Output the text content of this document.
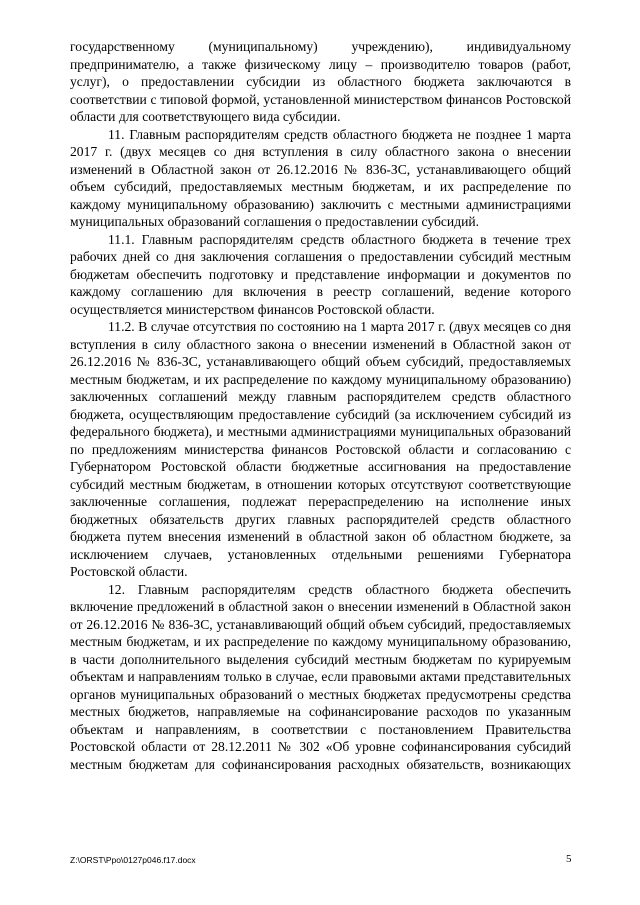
государственному (муниципальному) учреждению), индивидуальному предпринимателю, а также физическому лицу – производителю товаров (работ, услуг), о предоставлении субсидии из областного бюджета заключаются в соответствии с типовой формой, установленной министерством финансов Ростовской области для соответствующего вида субсидии.

11. Главным распорядителям средств областного бюджета не позднее 1 марта 2017 г. (двух месяцев со дня вступления в силу областного закона о внесении изменений в Областной закон от 26.12.2016 № 836-ЗС, устанавливающего общий объем субсидий, предоставляемых местным бюджетам, и их распределение по каждому муниципальному образованию) заключить с местными администрациями муниципальных образований соглашения о предоставлении субсидий.

11.1. Главным распорядителям средств областного бюджета в течение трех рабочих дней со дня заключения соглашения о предоставлении субсидий местным бюджетам обеспечить подготовку и представление информации и документов по каждому соглашению для включения в реестр соглашений, ведение которого осуществляется министерством финансов Ростовской области.

11.2. В случае отсутствия по состоянию на 1 марта 2017 г. (двух месяцев со дня вступления в силу областного закона о внесении изменений в Областной закон от 26.12.2016 № 836-ЗС, устанавливающего общий объем субсидий, предоставляемых местным бюджетам, и их распределение по каждому муниципальному образованию) заключенных соглашений между главным распорядителем средств областного бюджета, осуществляющим предоставление субсидий (за исключением субсидий из федерального бюджета), и местными администрациями муниципальных образований по предложениям министерства финансов Ростовской области и согласованию с Губернатором Ростовской области бюджетные ассигнования на предоставление субсидий местным бюджетам, в отношении которых отсутствуют соответствующие заключенные соглашения, подлежат перераспределению на исполнение иных бюджетных обязательств других главных распорядителей средств областного бюджета путем внесения изменений в областной закон об областном бюджете, за исключением случаев, установленных отдельными решениями Губернатора Ростовской области.

12. Главным распорядителям средств областного бюджета обеспечить включение предложений в областной закон о внесении изменений в Областной закон от 26.12.2016 № 836-ЗС, устанавливающий общий объем субсидий, предоставляемых местным бюджетам, и их распределение по каждому муниципальному образованию, в части дополнительного выделения субсидий местным бюджетам по курируемым объектам и направлениям только в случае, если правовыми актами представительных органов муниципальных образований о местных бюджетах предусмотрены средства местных бюджетов, направляемые на софинансирование расходов по указанным объектам и направлениям, в соответствии с постановлением Правительства Ростовской области от 28.12.2011 № 302 «Об уровне софинансирования субсидий местным бюджетам для софинансирования расходных обязательств, возникающих

Z:\ORST\Ppo\0127p046.f17.docx	5
